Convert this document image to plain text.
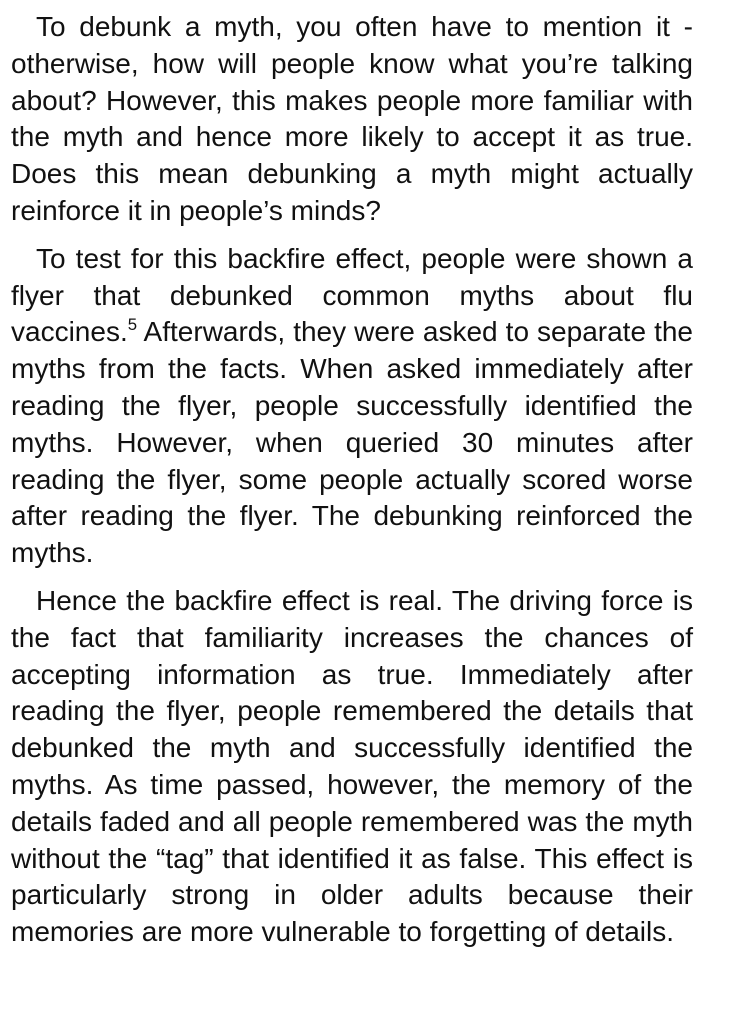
To debunk a myth, you often have to mention it - otherwise, how will people know what you’re talking about? However, this makes people more familiar with the myth and hence more likely to accept it as true. Does this mean debunking a myth might actually reinforce it in people’s minds?

To test for this backfire effect, people were shown a flyer that debunked common myths about flu vaccines.$^5$ Afterwards, they were asked to separate the myths from the facts. When asked immediately after reading the flyer, people successfully identified the myths. However, when queried 30 minutes after reading the flyer, some people actually scored worse after reading the flyer. The debunking reinforced the myths.

Hence the backfire effect is real. The driving force is the fact that familiarity increases the chances of accepting information as true. Immediately after reading the flyer, people remembered the details that debunked the myth and successfully identified the myths. As time passed, however, the memory of the details faded and all people remembered was the myth without the “tag” that identified it as false. This effect is particularly strong in older adults because their memories are more vulnerable to forgetting of details.
